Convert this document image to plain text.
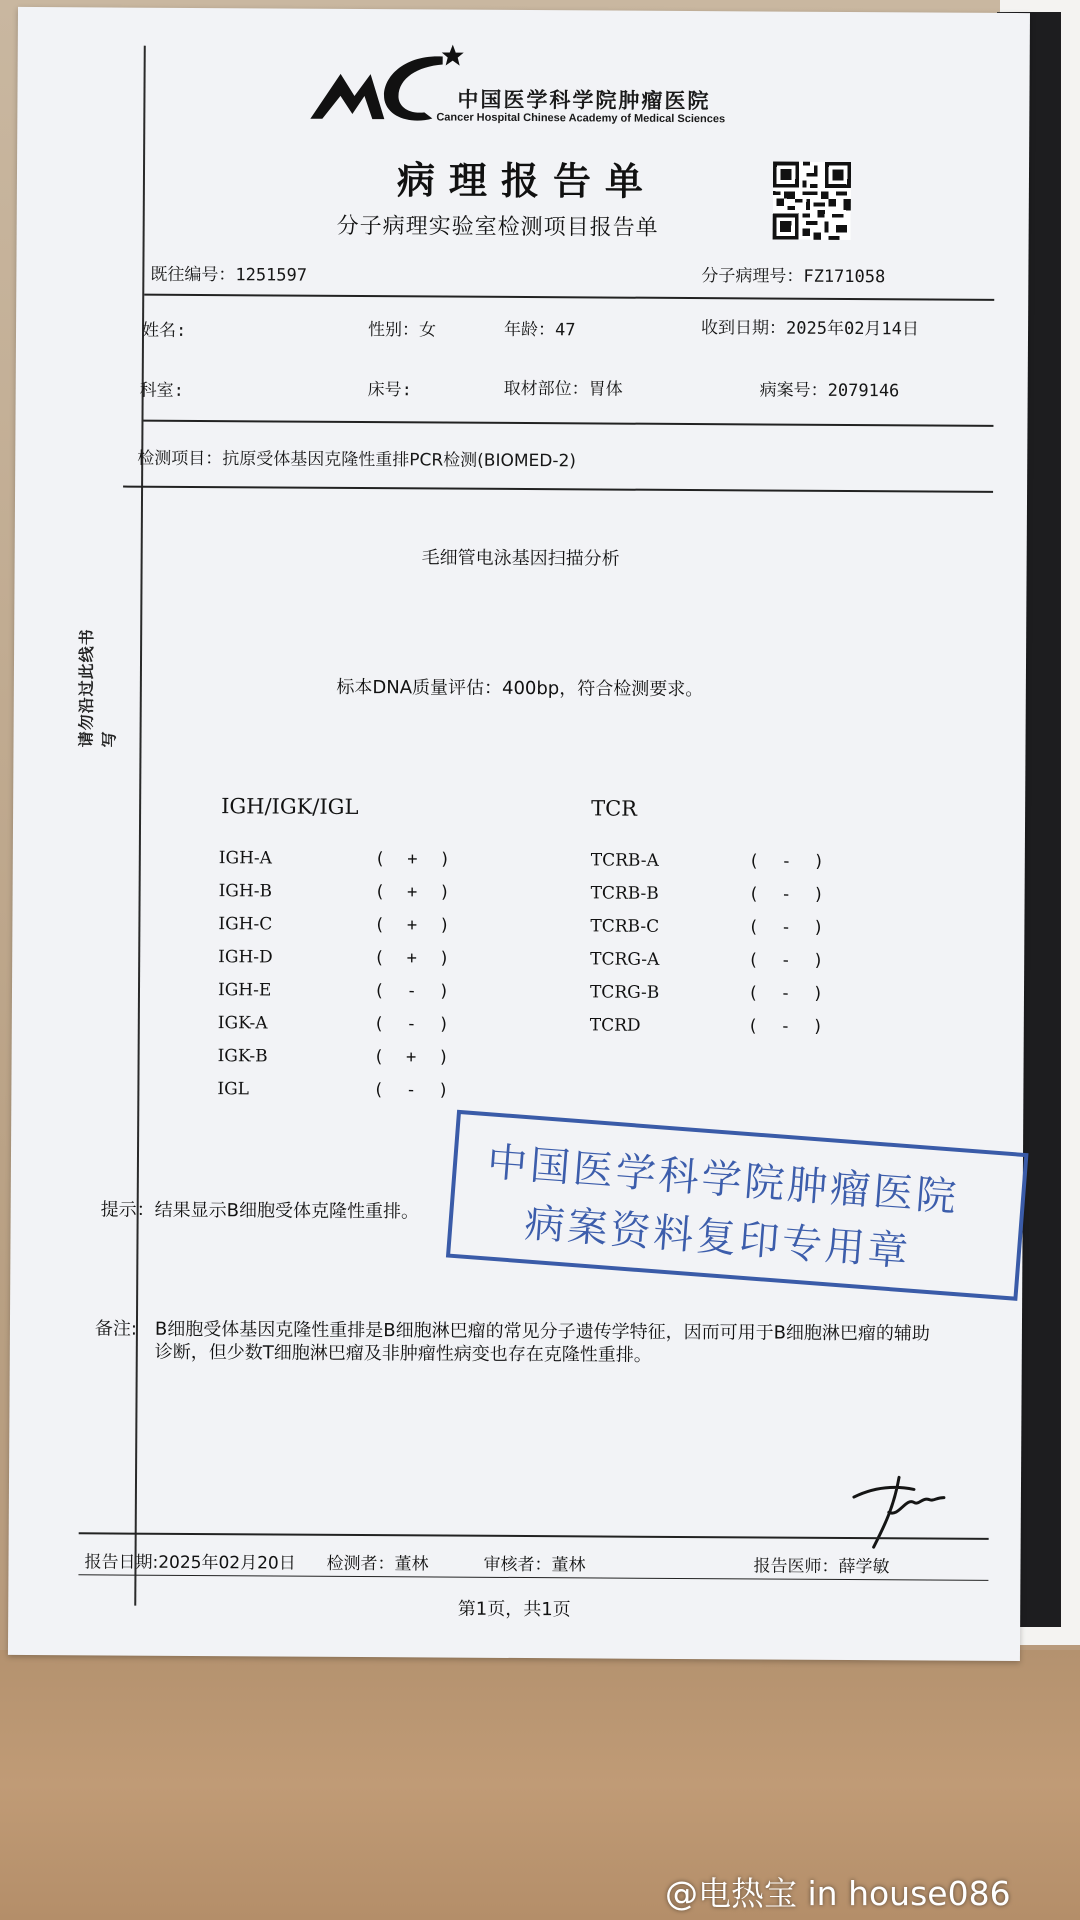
中国医学科学院肿瘤医院
Cancer Hospital Chinese Academy of Medical Sciences
病理报告单
分子病理实验室检测项目报告单
请勿沿过此线书写
既往编号：1251597	分子病理号：FZ171058
姓名:	性别：女	年龄：47	收到日期：2025年02月14日
科室:	床号:	取材部位：胃体	病案号：2079146
检测项目：抗原受体基因克隆性重排PCR检测(BIOMED-2)
毛细管电泳基因扫描分析
标本DNA质量评估：400bp，符合检测要求。
IGH/IGK/IGL	TCR
IGH-A	( + )
IGH-B	( + )
IGH-C	( + )
IGH-D	( + )
IGH-E	( - )
IGK-A	( - )
IGK-B	( + )
IGL	( - )
TCRB-A	( - )
TCRB-B	( - )
TCRB-C	( - )
TCRG-A	( - )
TCRG-B	( - )
TCRD	( - )
提示：结果显示B细胞受体克隆性重排。
备注: B细胞受体基因克隆性重排是B细胞淋巴瘤的常见分子遗传学特征，因而可用于B细胞淋巴瘤的辅助诊断，但少数T细胞淋巴瘤及非肿瘤性病变也存在克隆性重排。
中国医学科学院肿瘤医院
病案资料复印专用章
报告日期:2025年02月20日 检测者：董林	审核者：董林	报告医师：薛学敏
第1页，共1页
@电热宝 in house086
